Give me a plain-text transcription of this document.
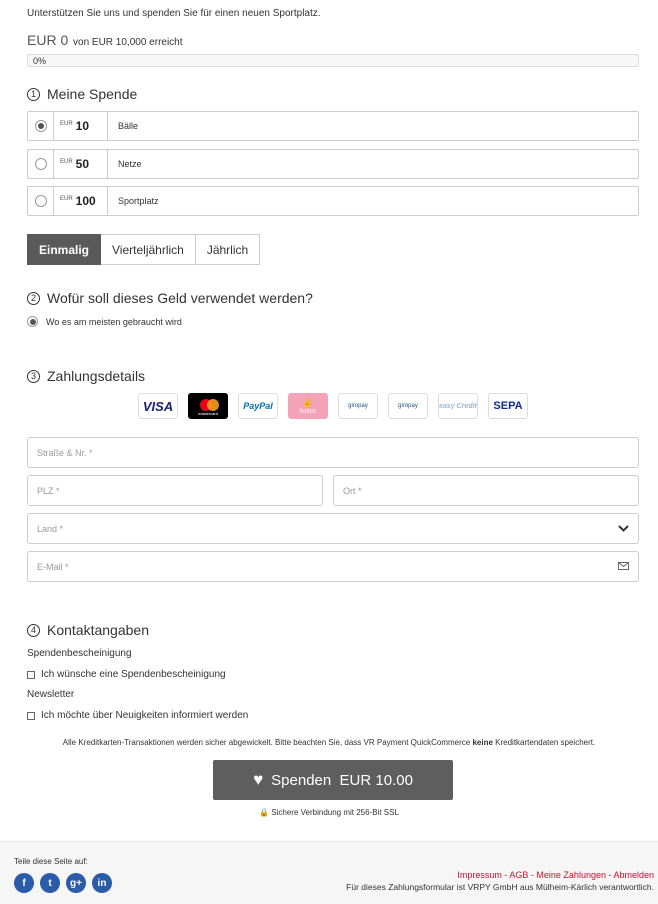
Unterstützen Sie uns und spenden Sie für einen neuen Sportplatz.
EUR 0 von EUR 10,000 erreicht
0%
1 Meine Spende
EUR 10	Bälle
EUR 50	Netze
EUR 100	Sportplatz
Einmalig	Vierteljährlich	Jährlich
2 Wofür soll dieses Geld verwendet werden?
Wo es am meisten gebraucht wird
3 Zahlungsdetails
VISA	mastercard
PayPal	✌
Sofort.
giropay	giropay	easy Credit SEPA
Straße & Nr. *
PLZ *	Ort *
Land *
E-Mail *
4 Kontaktangaben
Spendenbescheinigung
Ich wünsche eine Spendenbescheinigung
Newsletter
Ich möchte über Neuigkeiten informiert werden
Alle Kreditkarten-Transaktionen werden sicher abgewickelt. Bitte beachten Sie, dass VR Payment QuickCommerce keine Kreditkartendaten speichert.
♥ Spenden  EUR 10.00
🔒 Sichere Verbindung mit 256-Bit SSL
Teile diese Seite auf:
f	t	g+	in
Impressum - AGB - Meine Zahlungen - Abmelden
Für dieses Zahlungsformular ist VRPY GmbH aus Mülheim-Kärlich verantwortlich.
